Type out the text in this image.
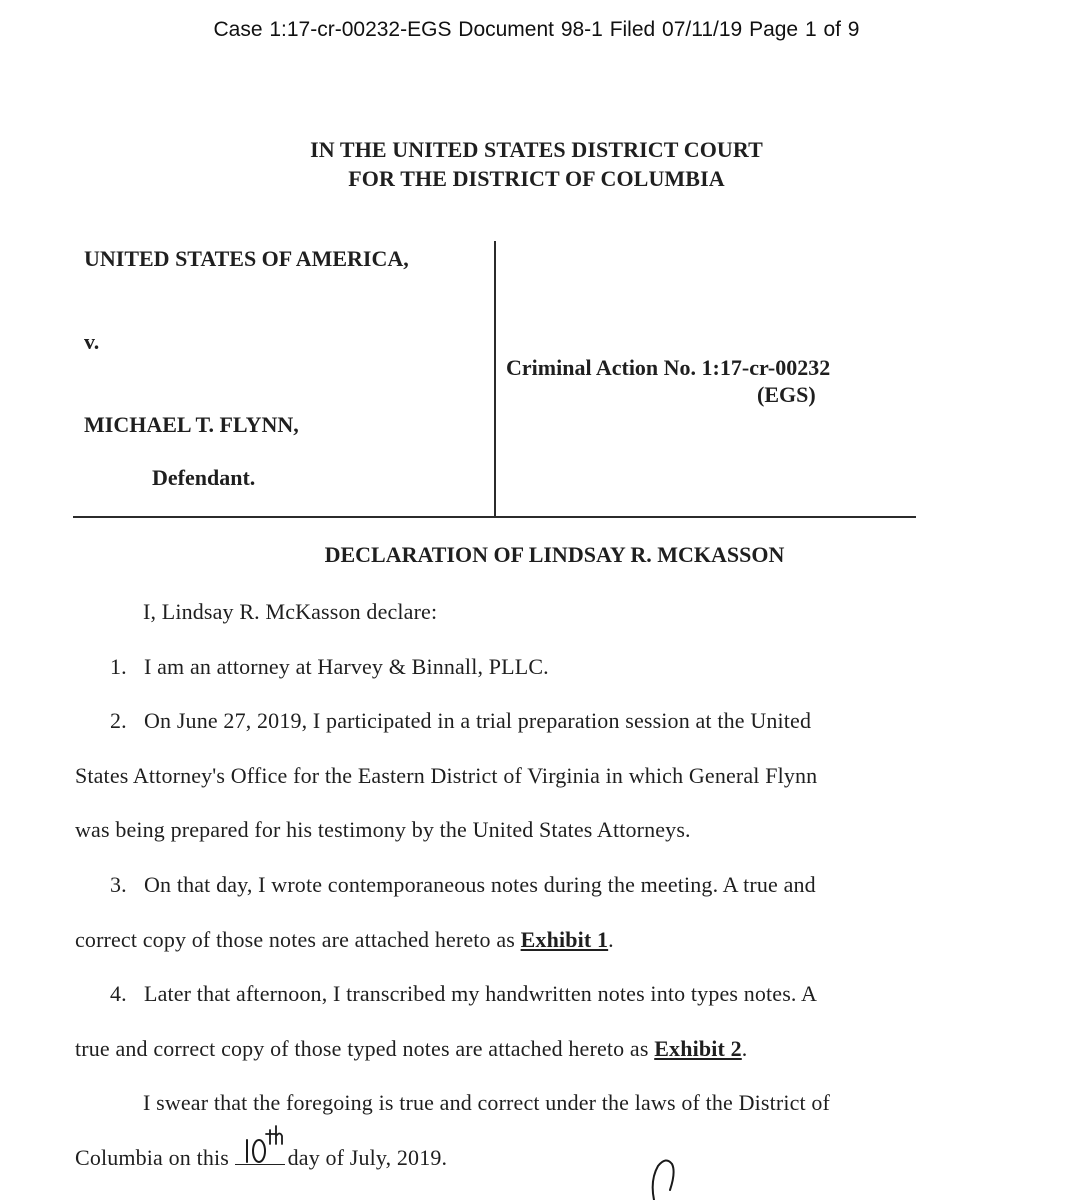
Case 1:17-cr-00232-EGS Document 98-1 Filed 07/11/19 Page 1 of 9
IN THE UNITED STATES DISTRICT COURT
FOR THE DISTRICT OF COLUMBIA
UNITED STATES OF AMERICA,
v.
MICHAEL T. FLYNN,
Defendant.
Criminal Action No. 1:17-cr-00232
(EGS)
DECLARATION OF LINDSAY R. MCKASSON
I, Lindsay R. McKasson declare:
1. I am an attorney at Harvey & Binnall, PLLC.
2. On June 27, 2019, I participated in a trial preparation session at the United
States Attorney's Office for the Eastern District of Virginia in which General Flynn
was being prepared for his testimony by the United States Attorneys.
3. On that day, I wrote contemporaneous notes during the meeting. A true and
correct copy of those notes are attached hereto as Exhibit 1.
4. Later that afternoon, I transcribed my handwritten notes into types notes. A
true and correct copy of those typed notes are attached hereto as Exhibit 2.
I swear that the foregoing is true and correct under the laws of the District of
Columbia on this	day of July, 2019.
